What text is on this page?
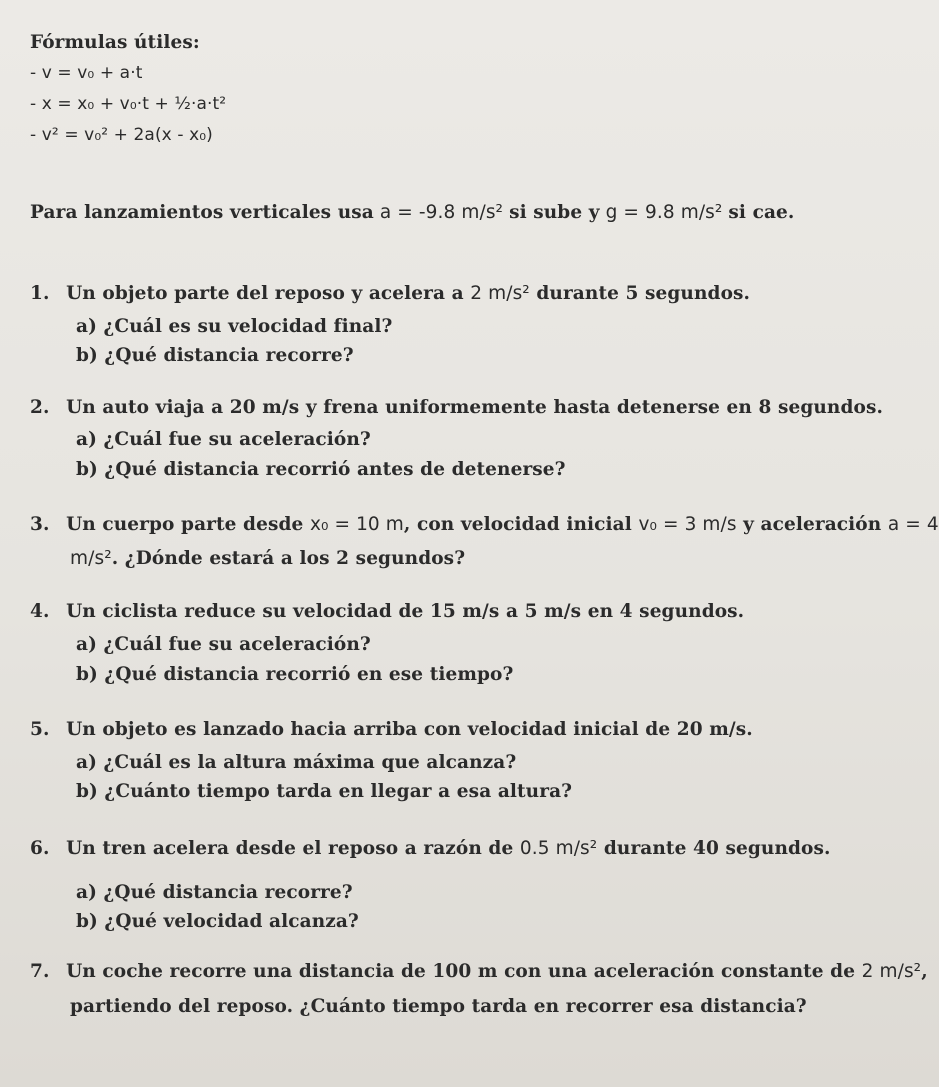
Fórmulas útiles:
- v = v₀ + a·t
- x = x₀ + v₀·t + ½·a·t²
- v² = v₀² + 2a(x - x₀)
Para lanzamientos verticales usa a = -9.8 m/s² si sube y g = 9.8 m/s² si cae.
1. Un objeto parte del reposo y acelera a 2 m/s² durante 5 segundos.
a) ¿Cuál es su velocidad final?
b) ¿Qué distancia recorre?
2. Un auto viaja a 20 m/s y frena uniformemente hasta detenerse en 8 segundos.
a) ¿Cuál fue su aceleración?
b) ¿Qué distancia recorrió antes de detenerse?
3. Un cuerpo parte desde x₀ = 10 m, con velocidad inicial v₀ = 3 m/s y aceleración a = 4
m/s². ¿Dónde estará a los 2 segundos?
4. Un ciclista reduce su velocidad de 15 m/s a 5 m/s en 4 segundos.
a) ¿Cuál fue su aceleración?
b) ¿Qué distancia recorrió en ese tiempo?
5. Un objeto es lanzado hacia arriba con velocidad inicial de 20 m/s.
a) ¿Cuál es la altura máxima que alcanza?
b) ¿Cuánto tiempo tarda en llegar a esa altura?
6. Un tren acelera desde el reposo a razón de 0.5 m/s² durante 40 segundos.
a) ¿Qué distancia recorre?
b) ¿Qué velocidad alcanza?
7. Un coche recorre una distancia de 100 m con una aceleración constante de 2 m/s²,
partiendo del reposo. ¿Cuánto tiempo tarda en recorrer esa distancia?
